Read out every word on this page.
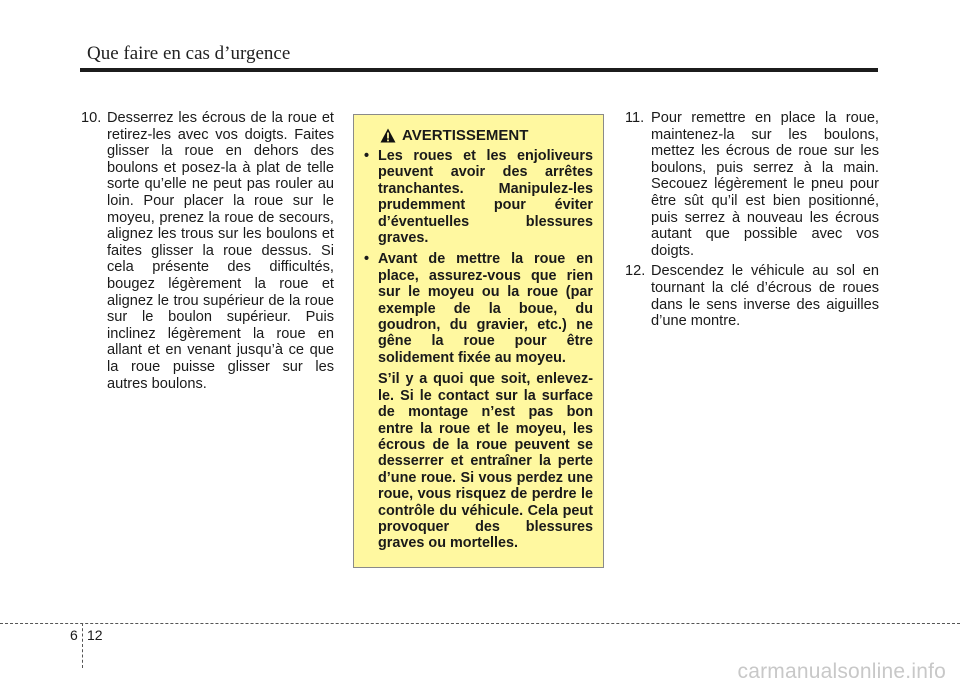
Que faire en cas d’urgence

10. Desserrez les écrous de la roue et retirez-les avec vos doigts. Faites glisser la roue en dehors des boulons et posez-la à plat de telle sorte qu’elle ne peut pas rouler au loin. Pour placer la roue sur le moyeu, prenez la roue de secours, alignez les trous sur les boulons et faites glisser la roue dessus. Si cela présente des difficultés, bougez légèrement la roue et alignez le trou supérieur de la roue sur le boulon supérieur. Puis inclinez légèrement la roue en allant et en venant jusqu’à ce que la roue puisse glisser sur les autres boulons.

AVERTISSEMENT

• Les roues et les enjoliveurs peuvent avoir des arrêtes tranchantes. Manipulez-les prudemment pour éviter d’éventuelles blessures graves.

• Avant de mettre la roue en place, assurez-vous que rien sur le moyeu ou la roue (par exemple de la boue, du goudron, du gravier, etc.) ne gêne la roue pour être solidement fixée au moyeu.

S’il y a quoi que soit, enlevez-le. Si le contact sur la surface de montage n’est pas bon entre la roue et le moyeu, les écrous de la roue peuvent se desserrer et entraîner la perte d’une roue. Si vous perdez une roue, vous risquez de perdre le contrôle du véhicule. Cela peut provoquer des blessures graves ou mortelles.

11. Pour remettre en place la roue, maintenez-la sur les boulons, mettez les écrous de roue sur les boulons, puis serrez à la main. Secouez légèrement le pneu pour être sût qu’il est bien positionné, puis serrez à nouveau les écrous autant que possible avec vos doigts.

12. Descendez le véhicule au sol en tournant la clé d’écrous de roues dans le sens inverse des aiguilles d’une montre.

6 12
carmanualsonline.info
